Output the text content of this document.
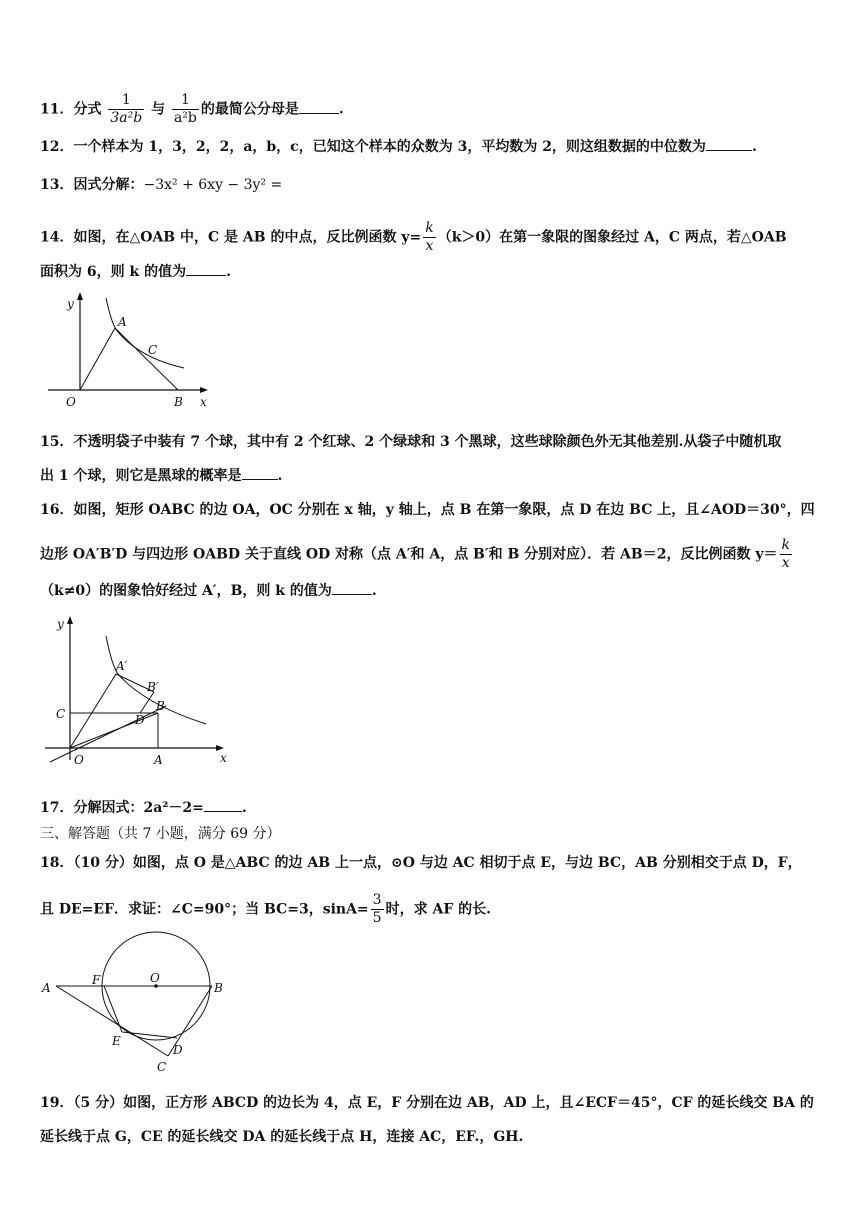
11．分式 $\frac{1}{\text{3a²b}}$ 与 $\frac{1}{\text{a²b}}$ 的最简公分母是	.
12．一个样本为 1，3，2，2，a，b，c，已知这个样本的众数为 3，平均数为 2，则这组数据的中位数为	.
13．因式分解：−3x² + 6xy − 3y² =
14．如图，在△OAB 中，C 是 AB 的中点，反比例函数 $y= \frac{k}{x} (k>0)$在第一象限的图象经过 A，C 两点，若△OAB
面积为 6，则 k 的值为	.
y
x
O
A
B
C
15．不透明袋子中装有 7 个球，其中有 2 个红球、2 个绿球和 3 个黑球，这些球除颜色外无其他差别.从袋子中随机取
出 1 个球，则它是黑球的概率是	.
16．如图，矩形 OABC 的边 OA，OC 分别在 x 轴，y 轴上，点 B 在第一象限，点 D 在边 BC 上，且∠AOD＝30°，四
边形 OA′B′D 与四边形 OABD 关于直线 OD 对称（点 A′和 A，点 B′和 B 分别对应）．若 AB＝2，反比例函数 $y= \frac{k}{x}$
（k≠0）的图象恰好经过 A′，B，则 k 的值为	.
y
x
O	A
B
C	D
A′
B′
17．分解因式：2a²－2=	.
三、解答题（共 7 小题，满分 69 分）
18．（10 分）如图，点 O 是△ABC 的边 AB 上一点，⊙O 与边 AC 相切于点 E，与边 BC，AB 分别相交于点 D，F，
且 DE=EF．求证：∠C=90°；当 BC=3，$\sin A= \frac{3}{5}$ 时，求 AF 的长.
A	B
C
D
E
F	O
19．（5 分）如图，正方形 ABCD 的边长为 4，点 E，F 分别在边 AB，AD 上，且∠ECF＝45°，CF 的延长线交 BA 的
延长线于点 G，CE 的延长线交 DA 的延长线于点 H，连接 AC，EF.，GH.
